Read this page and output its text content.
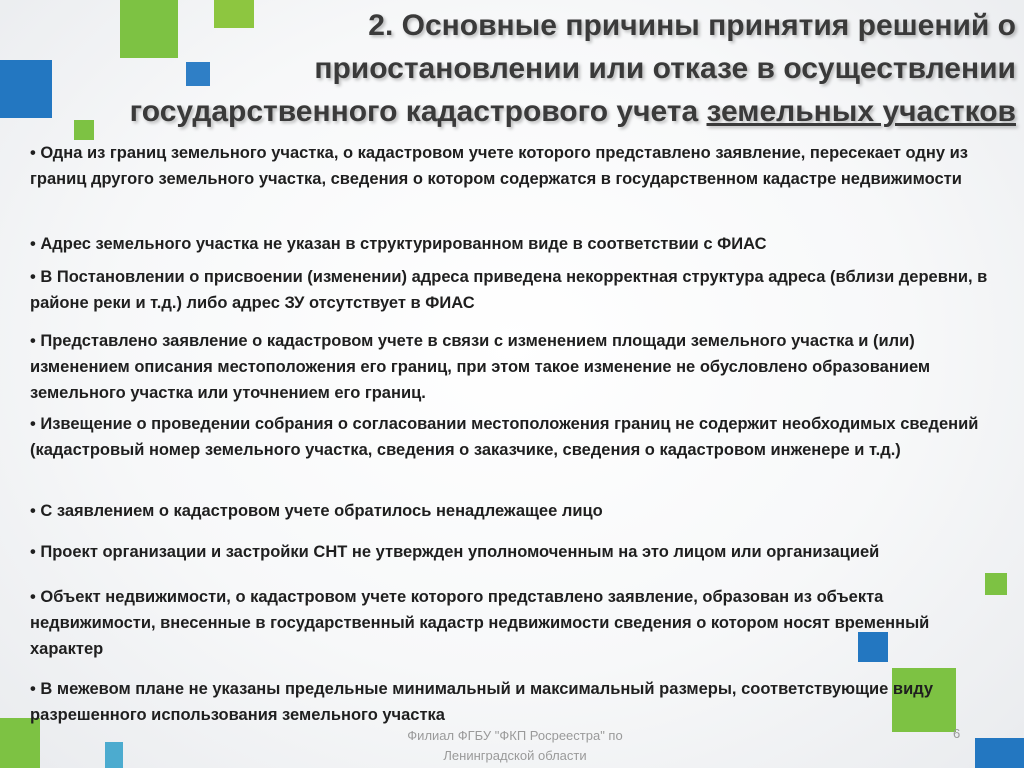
2. Основные причины принятия решений о
приостановлении или отказе в осуществлении
государственного кадастрового учета земельных участков
• Одна из границ земельного участка, о кадастровом учете которого представлено заявление, пересекает одну из границ другого земельного участка, сведения о котором содержатся в государственном кадастре недвижимости
• Адрес земельного участка не указан в структурированном виде в соответствии с ФИАС
• В Постановлении о присвоении (изменении) адреса приведена некорректная структура адреса (вблизи деревни, в районе реки и т.д.) либо адрес ЗУ отсутствует в ФИАС
• Представлено заявление о кадастровом учете в связи с изменением площади земельного участка и (или) изменением описания местоположения его границ, при этом такое изменение не обусловлено образованием земельного участка или уточнением его границ.
• Извещение о проведении собрания о согласовании местоположения границ не содержит необходимых сведений (кадастровый номер земельного участка, сведения о заказчике, сведения о кадастровом инженере и т.д.)
• С заявлением о кадастровом учете обратилось ненадлежащее лицо
• Проект организации и застройки СНТ не утвержден уполномоченным на это лицом или организацией
• Объект недвижимости, о кадастровом учете которого представлено заявление, образован из объекта недвижимости, внесенные в государственный кадастр недвижимости сведения о котором носят временный характер
• В межевом плане не указаны предельные минимальный и максимальный размеры, соответствующие виду разрешенного использования земельного участка
Филиал ФГБУ "ФКП Росреестра" по
Ленинградской области
6
